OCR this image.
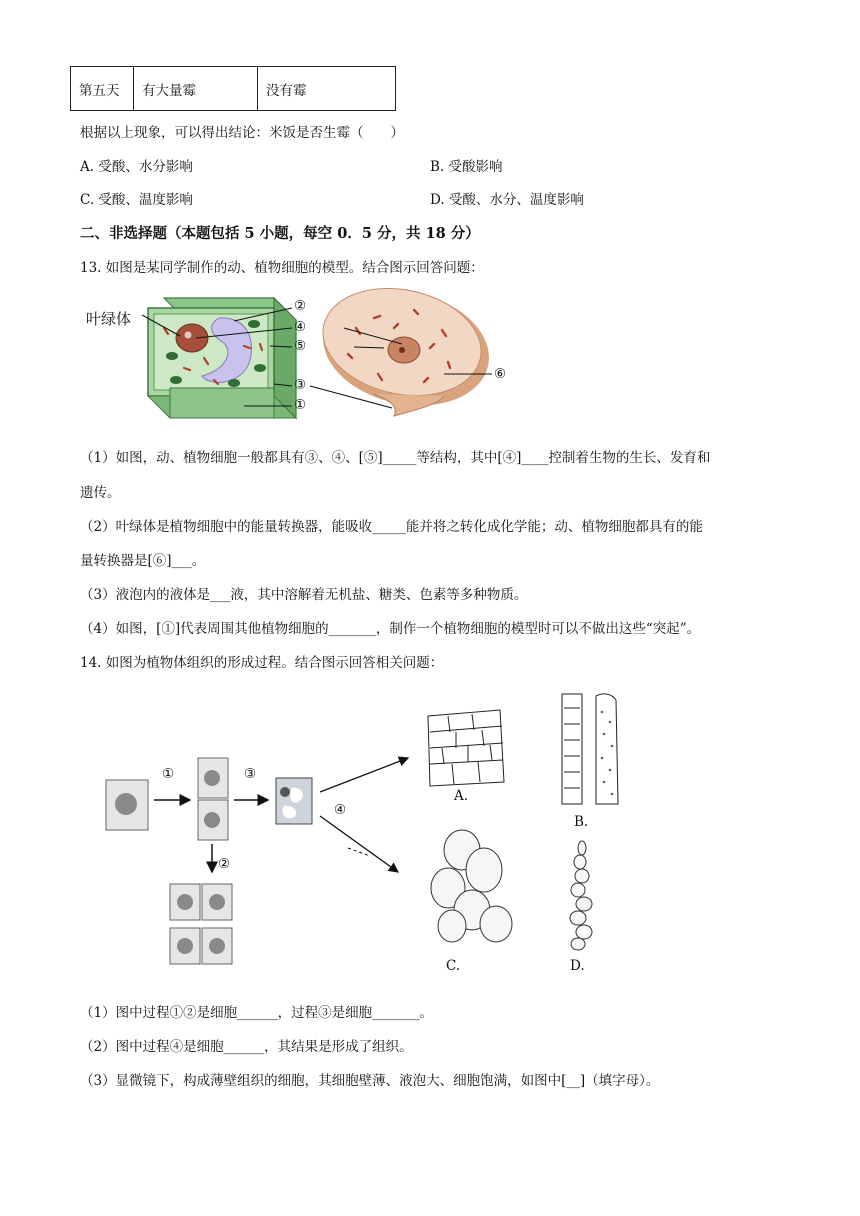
第五天	有大量霉	没有霉
根据以上现象，可以得出结论：米饭是否生霉（　　）
A. 受酸、水分影响	B. 受酸影响
C. 受酸、温度影响	D. 受酸、水分、温度影响
二、非选择题（本题包括 5 小题，每空 0．5 分，共 18 分）
13. 如图是某同学制作的动、植物细胞的模型。结合图示回答问题：
叶绿体
②
④
⑤
③
①
⑥
（1）如图，动、植物细胞一般都具有③、④、[⑤]_____等结构，其中[④]____控制着生物的生长、发育和
遗传。
（2）叶绿体是植物细胞中的能量转换器，能吸收_____能并将之转化成化学能；动、植物细胞都具有的能
量转换器是[⑥]___。
（3）液泡内的液体是___液，其中溶解着无机盐、糖类、色素等多种物质。
（4）如图，[①]代表周围其他植物细胞的_______，制作一个植物细胞的模型时可以不做出这些“突起”。
14. 如图为植物体组织的形成过程。结合图示回答相关问题：
①	③
②
④
A.
B.
C.	D.
（1）图中过程①②是细胞______，过程③是细胞_______。
（2）图中过程④是细胞______，其结果是形成了组织。
（3）显微镜下，构成薄壁组织的细胞，其细胞壁薄、液泡大、细胞饱满，如图中[__]（填字母）。
